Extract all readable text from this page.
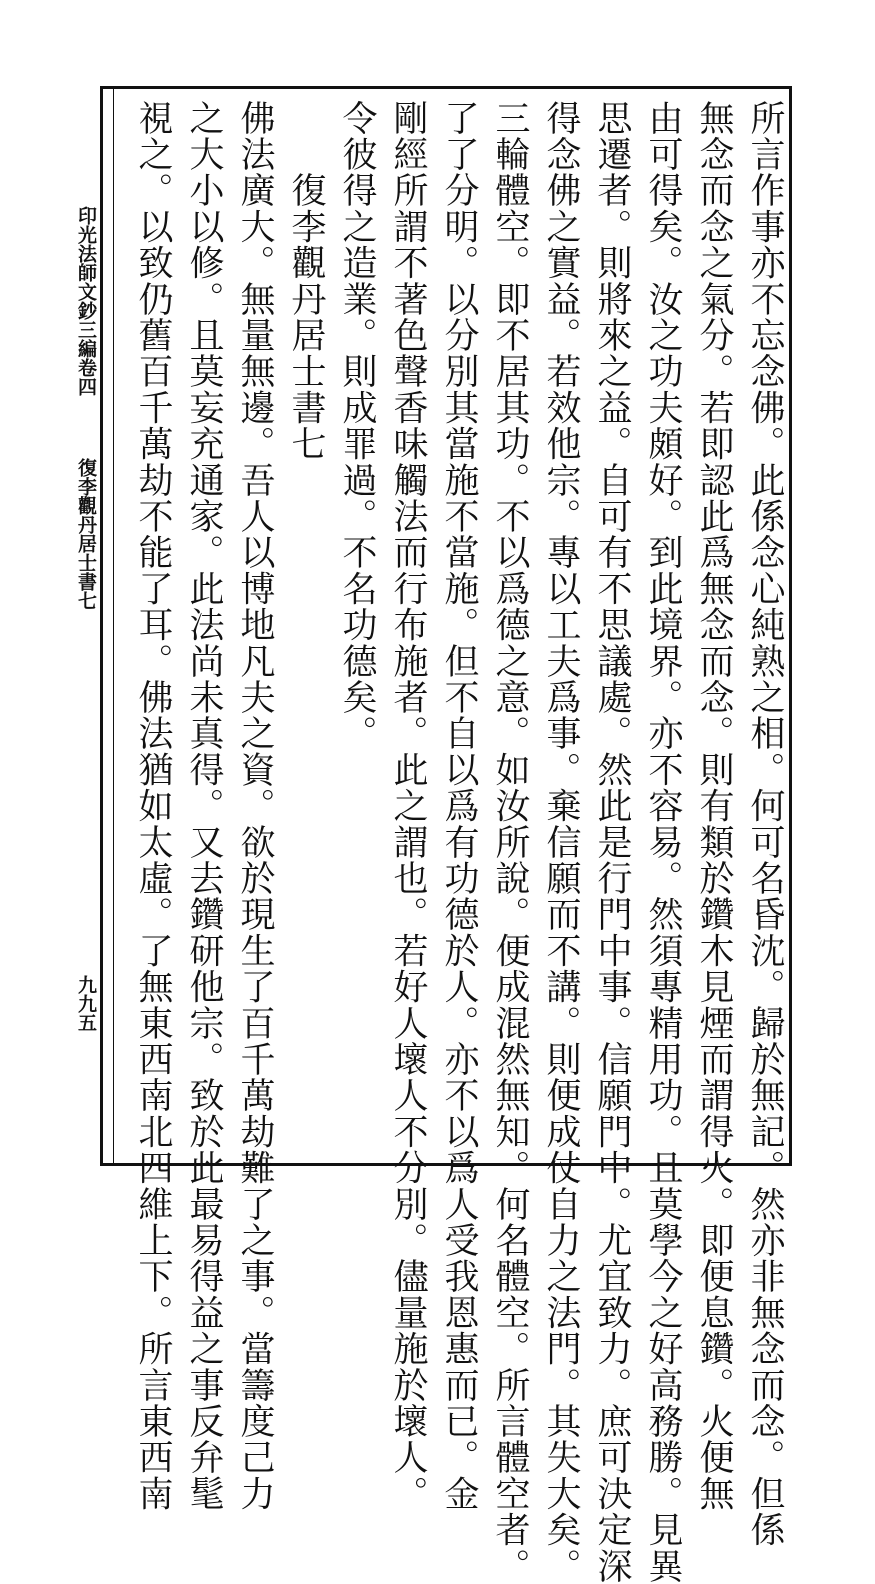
印光法師文鈔三編卷四
復李觀丹居士書七
九九五	所言作事亦不忘念佛。此係念心純熟之相。何可名昏沈。歸於無記。然亦非無念而念。但係
無念而念之氣分。若即認此爲無念而念。則有類於鑽木見煙而謂得火。即便息鑽。火便無
由可得矣。汝之功夫頗好。到此境界。亦不容易。然須專精用功。且莫學今之好高務勝。見異
思遷者。則將來之益。自可有不思議處。然此是行門中事。信願門中。尤宜致力。庶可決定深
得念佛之實益。若效他宗。專以工夫爲事。棄信願而不講。則便成仗自力之法門。其失大矣。
三輪體空。即不居其功。不以爲德之意。如汝所說。便成混然無知。何名體空。所言體空者。
了了分明。以分別其當施不當施。但不自以爲有功德於人。亦不以爲人受我恩惠而已。金
剛經所謂不著色聲香味觸法而行布施者。此之謂也。若好人壞人不分別。儘量施於壞人。
令彼得之造業。則成罪過。不名功德矣。
　　復李觀丹居士書七
佛法廣大。無量無邊。吾人以博地凡夫之資。欲於現生了百千萬劫難了之事。當籌度己力
之大小以修。且莫妄充通家。此法尚未真得。又去鑽研他宗。致於此最易得益之事反弁髦
視之。以致仍舊百千萬劫不能了耳。佛法猶如太虛。了無東西南北四維上下。所言東西南
